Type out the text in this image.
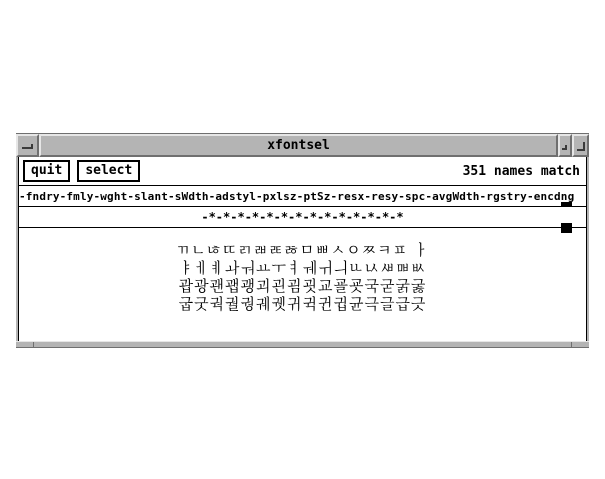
xfontsel
quit	select	351 names match
-fndry-fmly-wght-slant-sWdth-adstyl-pxlsz-ptSz-resx-resy-spc-avgWdth-rgstry-encdng
-*-*-*-*-*-*-*-*-*-*-*-*-*-*
ㄲㄴㄶㄸㄺㄼㄾㅀㅁㅃㅅㅇㅉㅋㅍ ㅏ
ㅑㅔㅖㅘㅝㅛㅜㅕㅞㅟㅢㅥㅧㅽㅮㅄ
괍광괜괩괭괴괸굄굇교굘굣국굳굵굻
굽굿궉궐궝궤궷귀귁귄귑균극글급긋
